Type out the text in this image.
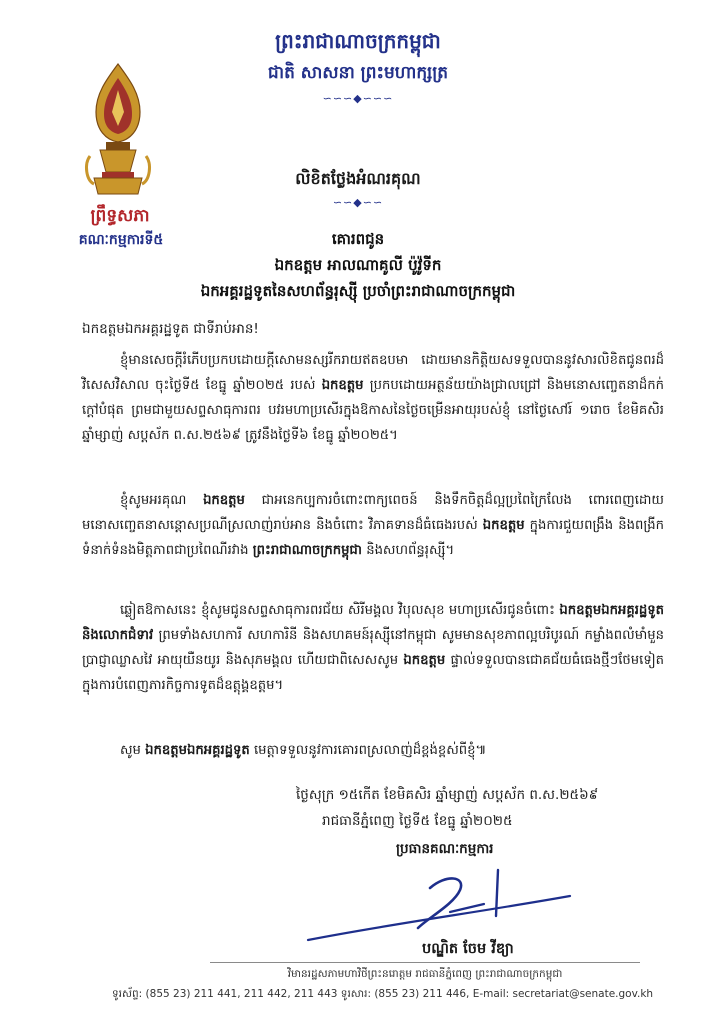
ព្រះរាជាណាចក្រកម្ពុជា
ជាតិ សាសនា ព្រះមហាក្សត្រ
∽∽∽◆∽∽∽
ព្រឹទ្ធសភា
គណៈកម្មការទី៥
លិខិតថ្លែងអំណរគុណ
∽∽◆∽∽
គោរពជូន
ឯកឧត្តម អាលណាគូលី ប៉ូវ៉ូទីក
ឯកអគ្គរដ្ឋទូតនៃសហព័ន្ធរុស្ស៊ី ប្រចាំព្រះរាជាណាចក្រកម្ពុជា
ឯកឧត្តមឯកអគ្គរដ្ឋទូត ជាទីរាប់អាន!
ខ្ញុំមានសេចក្តីរំភើបប្រកបដោយក្តីសោមនស្សរីករាយឥតឧបមា ដោយមានកិត្តិយសទទួលបាននូវសារលិខិតជូនពរដ៏វិសេសវិសាល ចុះថ្ងៃទី៥ ខែធ្នូ ឆ្នាំ២០២៥ របស់ ឯកឧត្តម ប្រកបដោយអត្ថន័យយ៉ាងជ្រាលជ្រៅ និងមនោសញ្ចេតនាដ៏កក់ក្តៅបំផុត ព្រមជាមួយសព្ទសាធុការពរ បវរមហាប្រសើរក្នុងឱកាសនៃថ្ងៃចម្រើនអាយុរបស់ខ្ញុំ នៅថ្ងៃសៅរ៍ ១រោច ខែមិគសិរ ឆ្នាំម្សាញ់ សប្តស័ក ព.ស.២៥៦៩ ត្រូវនឹងថ្ងៃទី៦ ខែធ្នូ ឆ្នាំ២០២៥។
ខ្ញុំសូមអរគុណ ឯកឧត្តម ជាអនេកប្បការចំពោះពាក្យពេចន៍ និងទឹកចិត្តដ៏ល្អប្រពៃក្រៃលែង ពោរពេញដោយមនោសញ្ចេតនាសន្តោសប្រណីស្រលាញ់រាប់អាន និងចំពោះ វិភាគទានដ៏ធំធេងរបស់ ឯកឧត្តម ក្នុងការជួយពង្រឹង និងពង្រីកទំនាក់ទំនងមិត្តភាពជាប្រពៃណីរវាង ព្រះរាជាណាចក្រកម្ពុជា និងសហព័ន្ធរុស្ស៊ី។
ឆ្លៀតឱកាសនេះ ខ្ញុំសូមជូនសព្ទសាធុការពរជ័យ សិរីមង្គល វិបុលសុខ មហាប្រសើរជូនចំពោះ ឯកឧត្តមឯកអគ្គរដ្ឋទូត និងលោកជំទាវ ព្រមទាំងសហការី សហការិនី និងសហគមន៍រុស្ស៊ីនៅកម្ពុជា សូមមានសុខភាពល្អបរិបូរណ៍ កម្លាំងពលំមាំមួន ប្រាជ្ញាឈ្លាសវៃ អាយុយឺនយូរ និងសុភមង្គល ហើយជាពិសេសសូម ឯកឧត្តម ផ្ទាល់ទទួលបានជោគជ័យធំធេងថ្មីៗថែមទៀត ក្នុងការបំពេញភារកិច្ចការទូតដ៏ឧត្តុង្គឧត្តម។
សូម ឯកឧត្តមឯកអគ្គរដ្ឋទូត មេត្តាទទួលនូវការគោរពស្រលាញ់ដ៏ខ្ពង់ខ្ពស់ពីខ្ញុំ៕
ថ្ងៃសុក្រ ១៥កើត ខែមិគសិរ ឆ្នាំម្សាញ់ សប្តស័ក ព.ស.២៥៦៩
រាជធានីភ្នំពេញ ថ្ងៃទី៥ ខែធ្នូ ឆ្នាំ២០២៥
ប្រធានគណៈកម្មការ
បណ្ឌិត ចែម វីឌ្យា
វិមានរដ្ឋសភាមហាវិថីព្រះនរោត្តម រាជធានីភ្នំពេញ ព្រះរាជាណាចក្រកម្ពុជា
ទូរស័ព្ទ: (855 23) 211 441, 211 442, 211 443 ទូរសារ: (855 23) 211 446, E-mail: secretariat@senate.gov.kh
